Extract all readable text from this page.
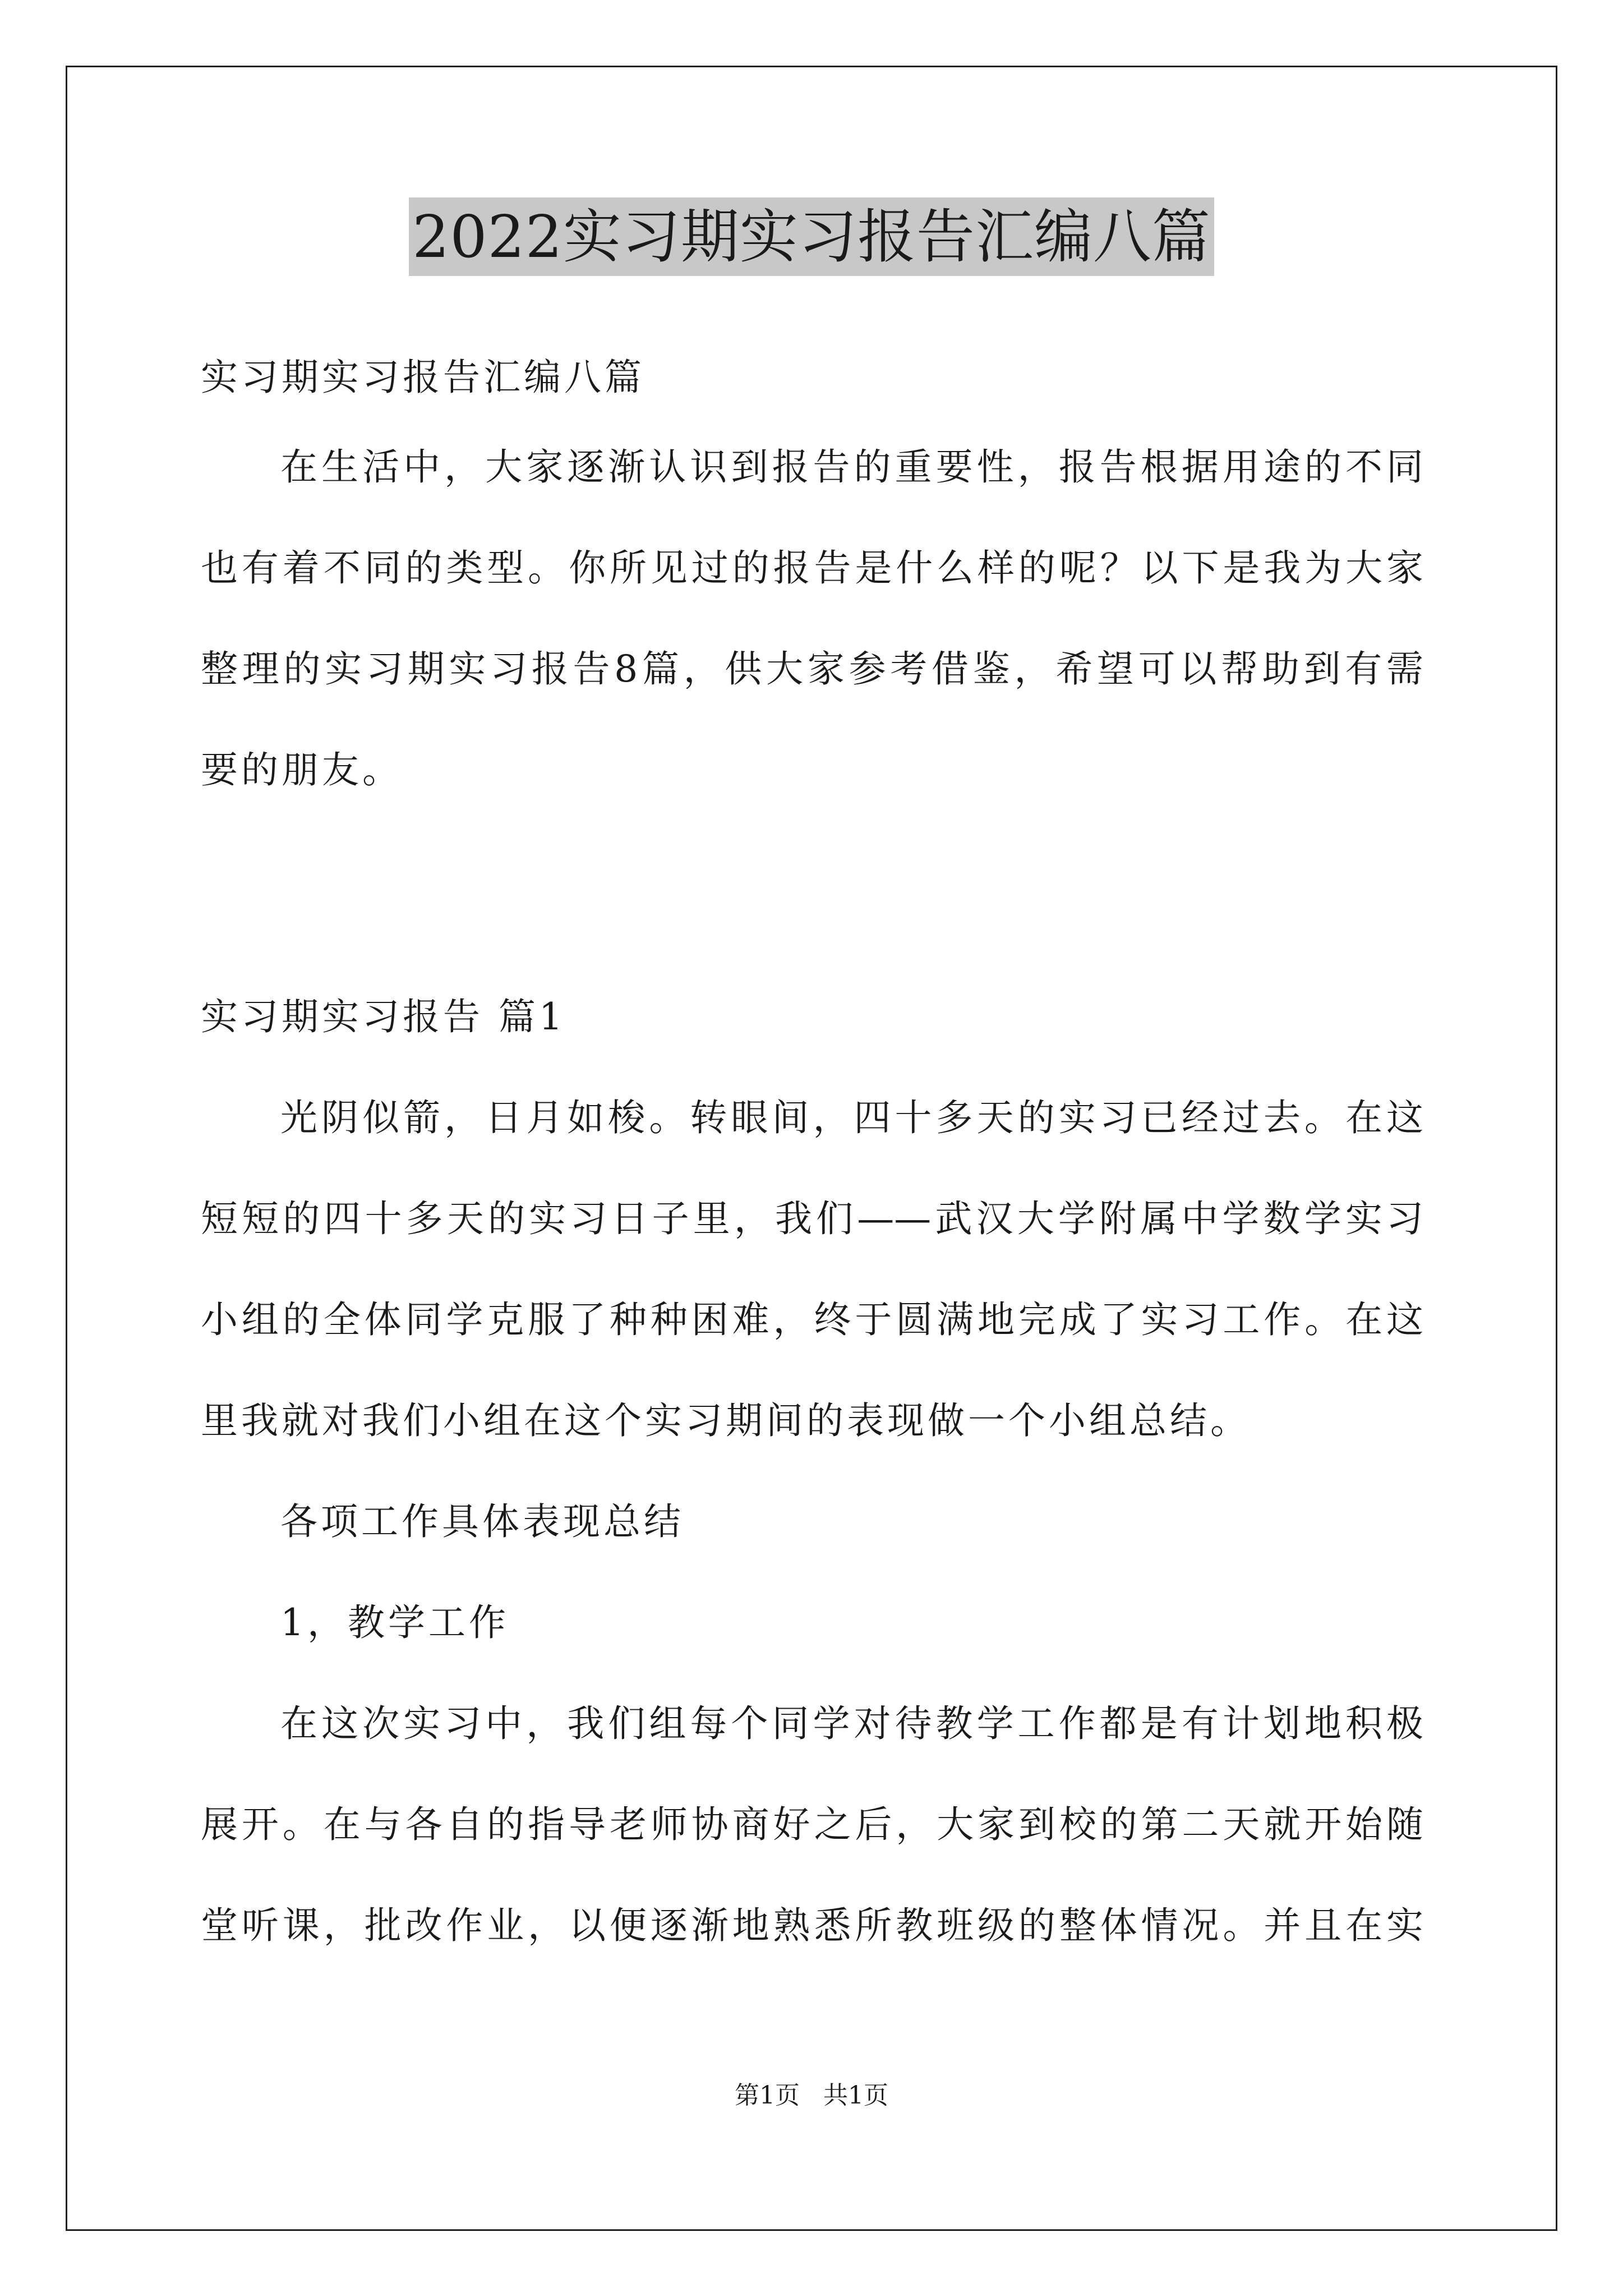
2022实习期实习报告汇编八篇
实习期实习报告汇编八篇
在生活中，大家逐渐认识到报告的重要性，报告根据用途的不同
也有着不同的类型。你所见过的报告是什么样的呢？以下是我为大家
整理的实习期实习报告8篇，供大家参考借鉴，希望可以帮助到有需
要的朋友。
实习期实习报告 篇1
光阴似箭，日月如梭。转眼间，四十多天的实习已经过去。在这
短短的四十多天的实习日子里，我们——武汉大学附属中学数学实习
小组的全体同学克服了种种困难，终于圆满地完成了实习工作。在这
里我就对我们小组在这个实习期间的表现做一个小组总结。
各项工作具体表现总结
1，教学工作
在这次实习中，我们组每个同学对待教学工作都是有计划地积极
展开。在与各自的指导老师协商好之后，大家到校的第二天就开始随
堂听课，批改作业，以便逐渐地熟悉所教班级的整体情况。并且在实
第1页   共1页
